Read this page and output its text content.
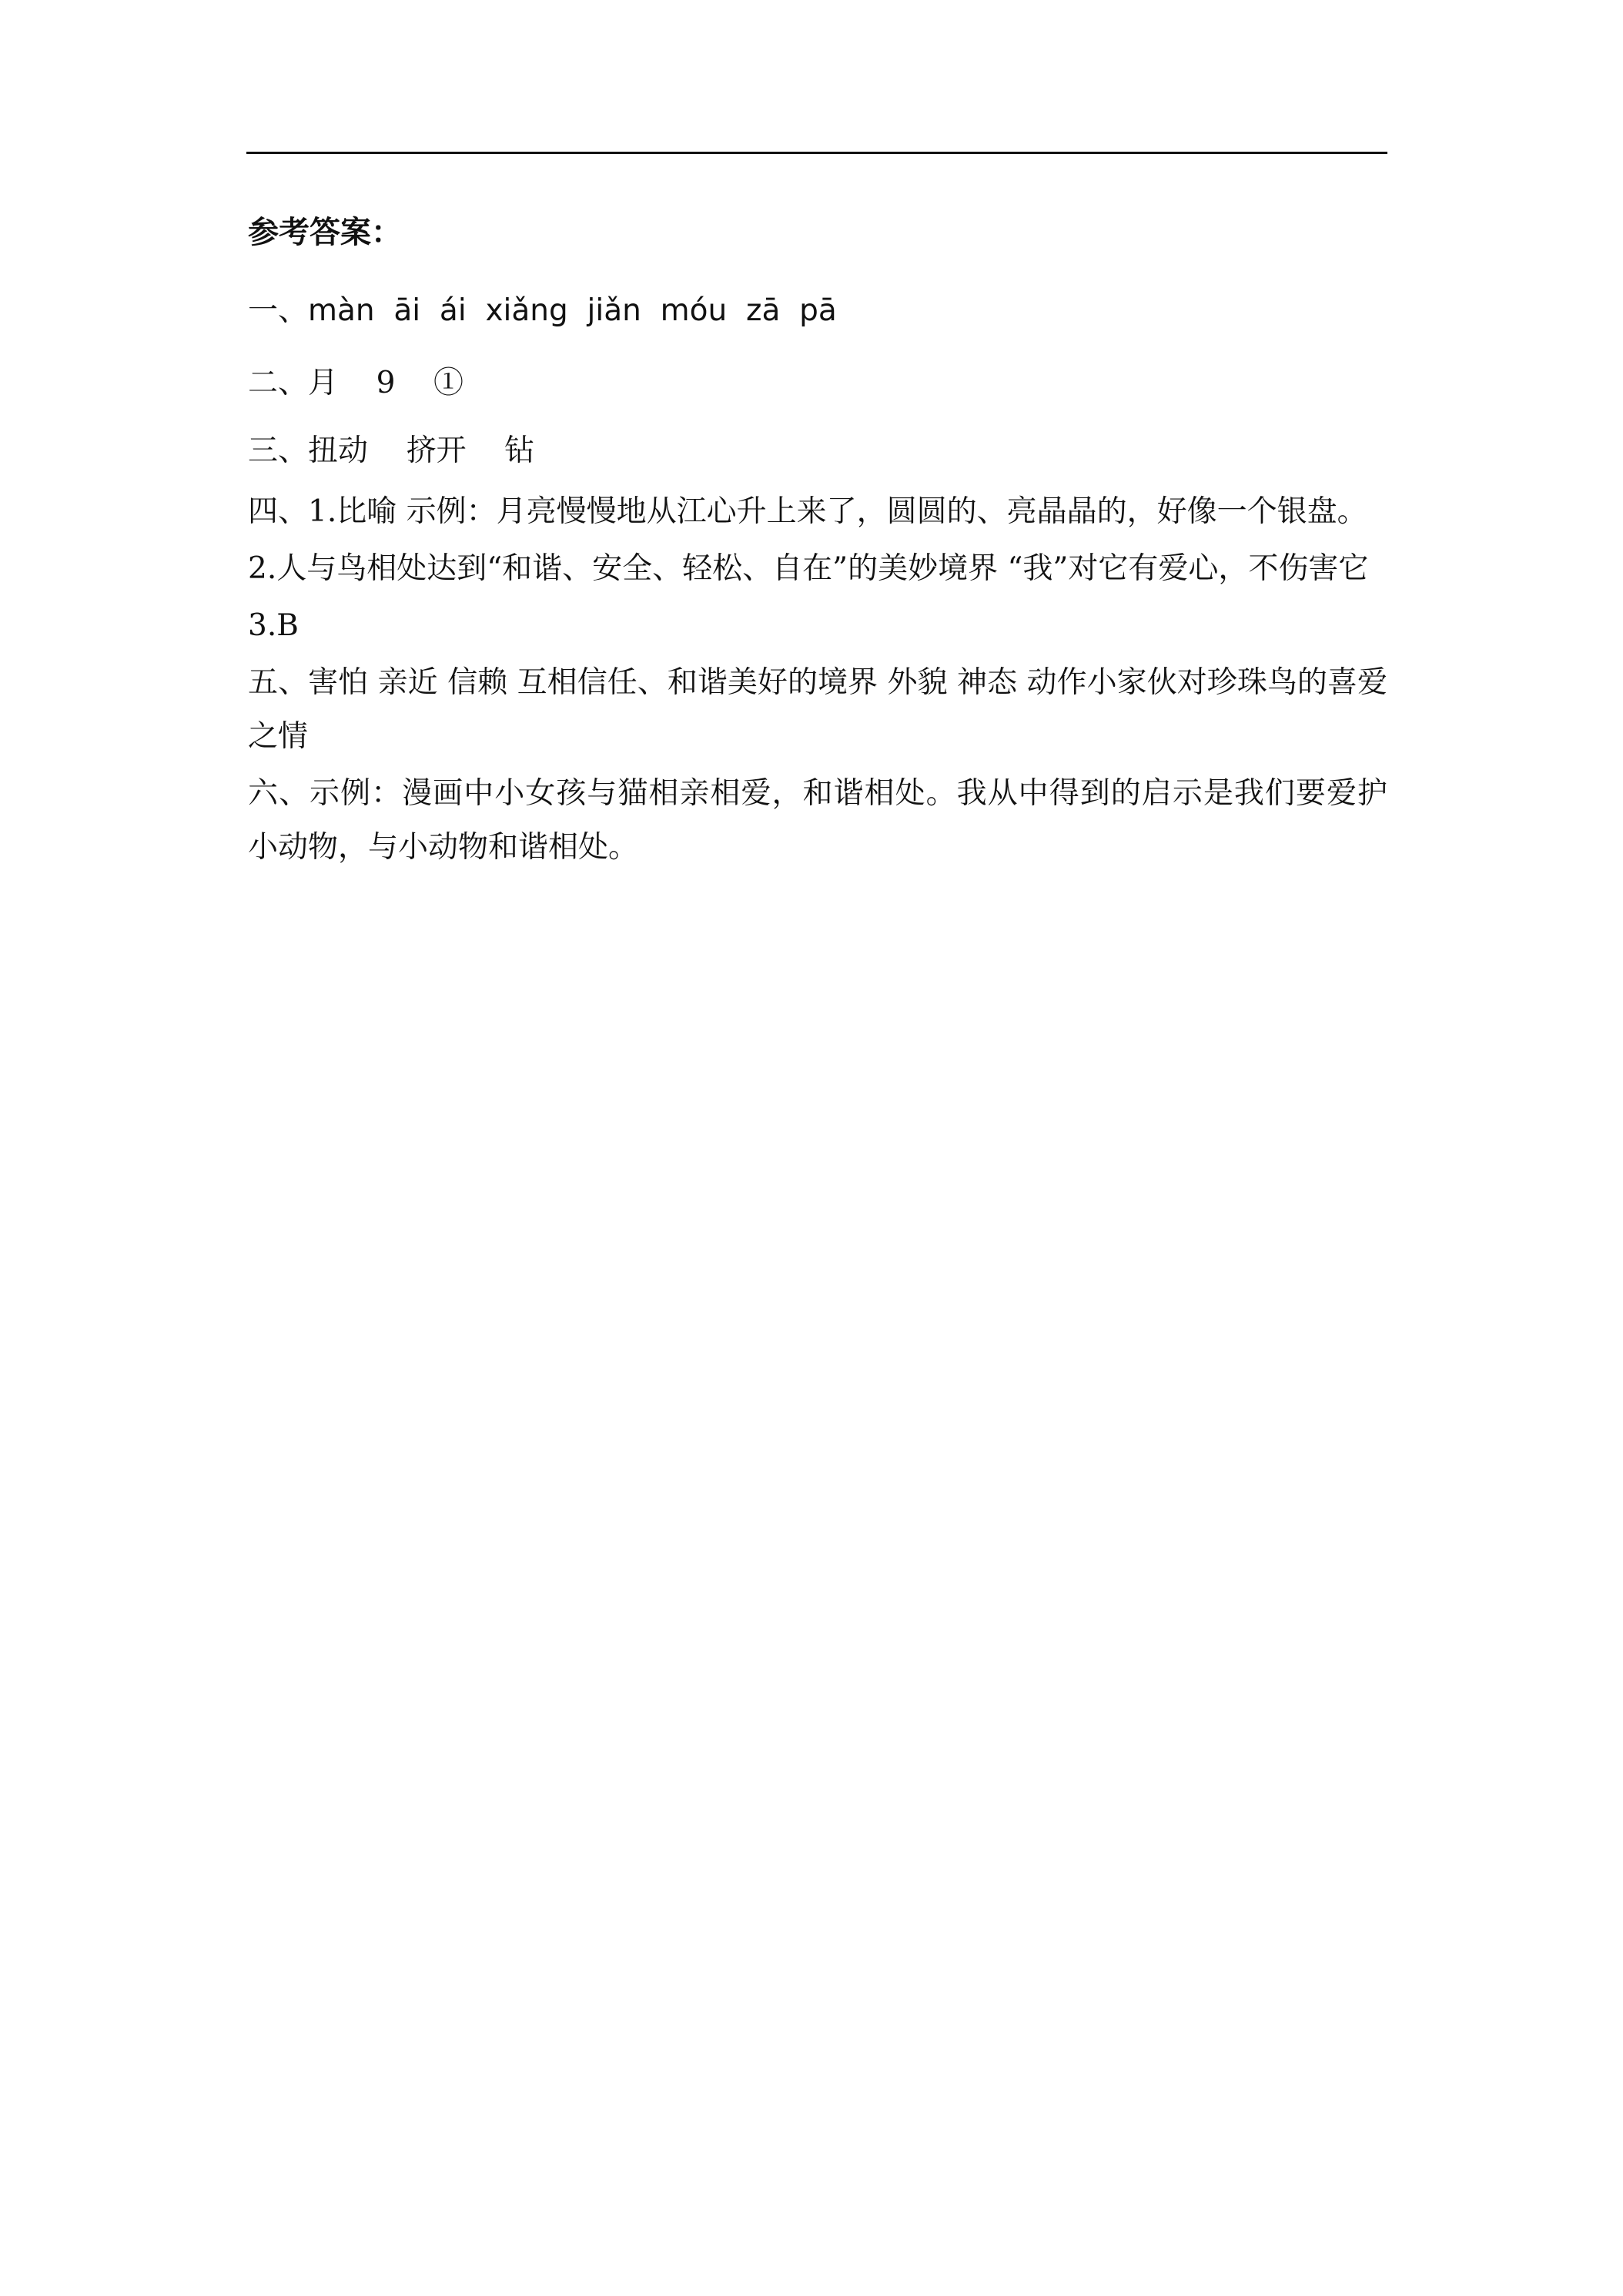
参考答案：
一、màn  āi  ái  xiǎng  jiǎn  móu  zā  pā
二、月    9    ①
三、扭动    挤开    钻

四、1.比喻 示例：月亮慢慢地从江心升上来了，圆圆的、亮晶晶的，好像一个银盘。

2.人与鸟相处达到“和谐、安全、轻松、自在”的美妙境界 “我”对它有爱心，不伤害它

3.B

五、害怕 亲近 信赖 互相信任、和谐美好的境界 外貌 神态 动作小家伙对珍珠鸟的喜爱之情

六、示例：漫画中小女孩与猫相亲相爱，和谐相处。我从中得到的启示是我们要爱护小动物，与小动物和谐相处。
